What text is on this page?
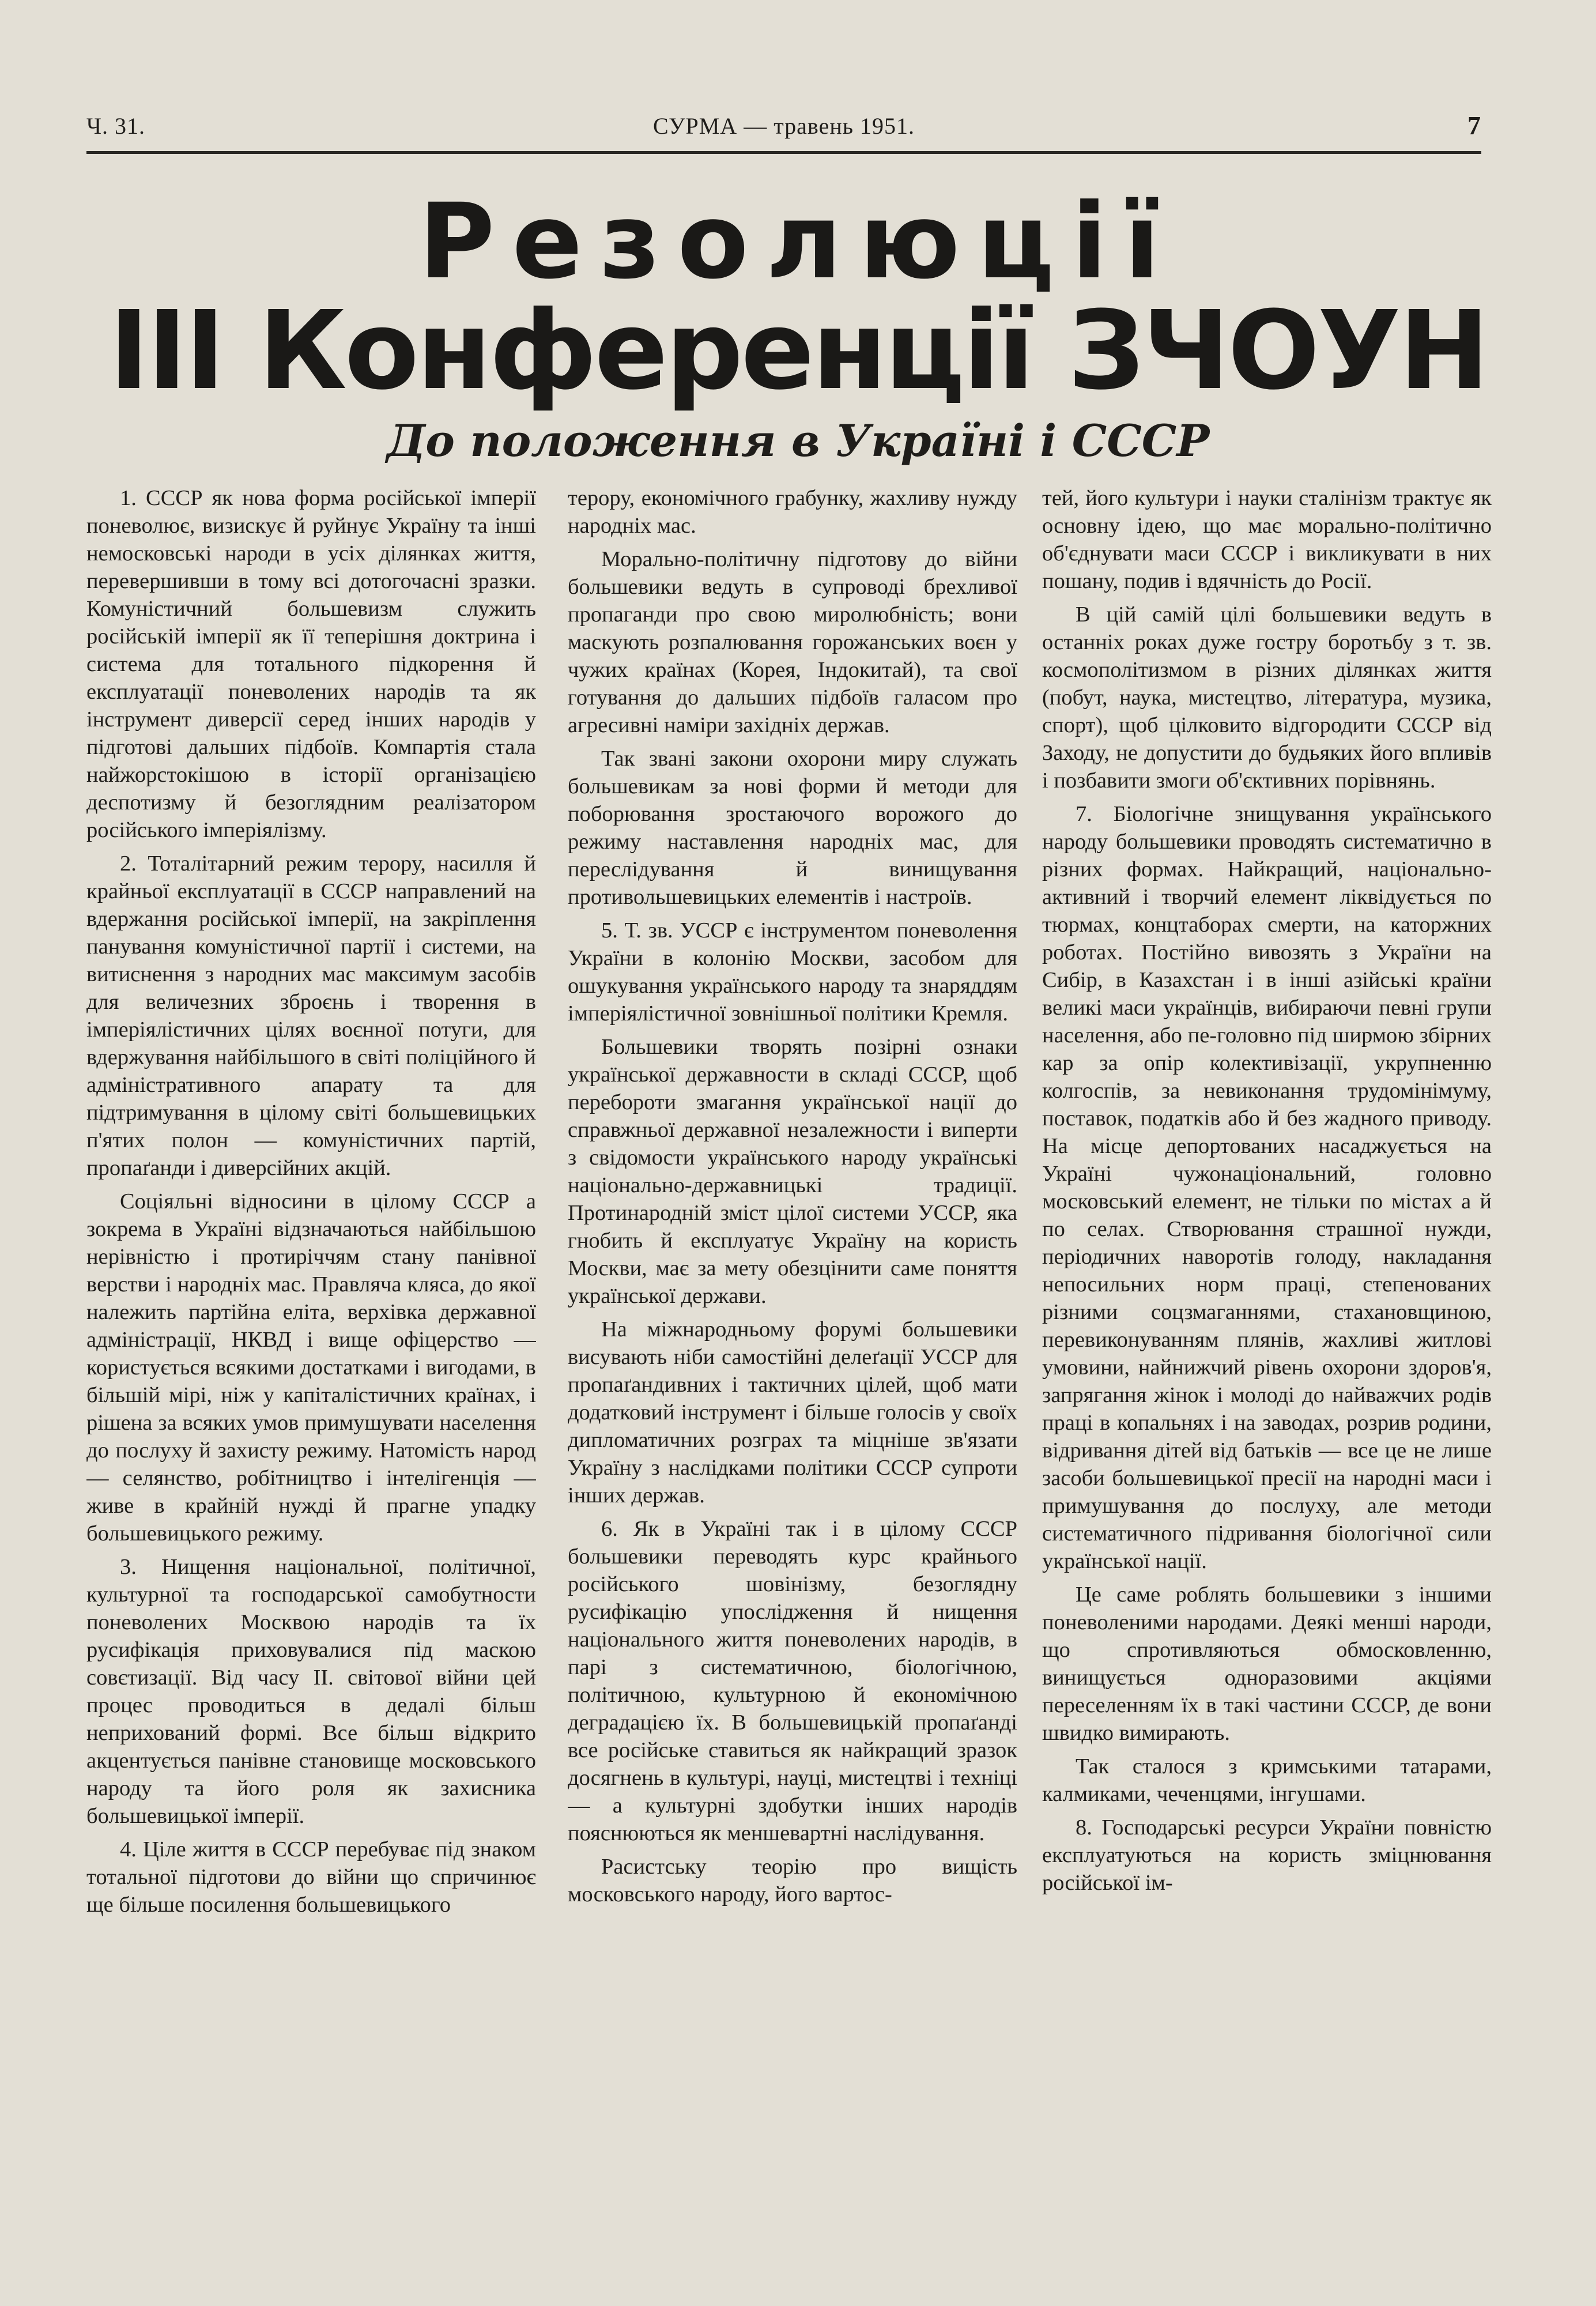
Ч. 31.	СУРМА — травень 1951.	7
Резолюції
III Конференції ЗЧОУН
До положення в Україні і СССР

1. СССР як нова форма російської імперії поневолює, визискує й руйнує Україну та інші немосковські народи в усіх ділянках життя, перевершивши в тому всі дотогочасні зразки. Комуністичний большевизм служить російській імперії як її теперішня доктрина і система для тотального підкорення й експлуатації поневолених народів та як інструмент диверсії серед інших народів у підготові дальших підбоїв. Компартія стала найжорстокішою в історії організацією деспотизму й безоглядним реалізатором російського імперіялізму.

2. Тоталітарний режим терору, насилля й крайньої експлуатації в СССР направлений на вдержання російської імперії, на закріплення панування комуністичної партії і системи, на витиснення з народних мас максимум засобів для величезних зброєнь і творення в імперіялістичних цілях воєнної потуги, для вдержування найбільшого в світі поліційного й адміністративного апарату та для підтримування в цілому світі большевицьких п'ятих полон — комуністичних партій, пропаґанди і диверсійних акцій.

Соціяльні відносини в цілому СССР а зокрема в Україні відзначаються найбільшою нерівністю і протиріччям стану панівної верстви і народніх мас. Правляча кляса, до якої належить партійна еліта, верхівка державної адміністрації, НКВД і вище офіцерство — користується всякими достатками і вигодами, в більшій мірі, ніж у капіталістичних країнах, і рішена за всяких умов примушувати населення до послуху й захисту режиму. Натомість народ — селянство, робітництво і інтелігенція — живе в крайній нужді й прагне упадку большевицького режиму.

3. Нищення національної, політичної, культурної та господарської самобутности поневолених Москвою народів та їх русифікація приховувалися під маскою совєтизації. Від часу II. світової війни цей процес проводиться в дедалі більш неприхований формі. Все більш відкрито акцентується панівне становище московського народу та його роля як захисника большевицької імперії.

4. Ціле життя в СССР перебуває під знаком тотальної підготови до війни що спричинює ще більше посилення большевицького

терору, економічного грабунку, жахливу нужду народніх мас.

Морально-політичну підготову до війни большевики ведуть в супроводі брехливої пропаганди про свою миролюбність; вони маскують розпалювання горожанських воєн у чужих країнах (Корея, Індокитай), та свої готування до дальших підбоїв галасом про агресивні наміри західніх держав.

Так звані закони охорони миру служать большевикам за нові форми й методи для поборювання зростаючого ворожого до режиму наставлення народніх мас, для переслідування й винищування противольшевицьких елементів і настроїв.

5. Т. зв. УССР є інструментом поневолення України в колонію Москви, засобом для ошукування українського народу та знаряддям імперіялістичної зовнішньої політики Кремля.

Большевики творять позірні ознаки української державности в складі СССР, щоб перебороти змагання української нації до справжньої державної незалежности і виперти з свідомости українського народу українські національно-державницькі традиції. Протинародній зміст цілої системи УССР, яка гнобить й експлуатує Україну на користь Москви, має за мету обезцінити саме поняття української держави.

На міжнародньому форумі большевики висувають ніби самостійні делеґації УССР для пропаґандивних і тактичних цілей, щоб мати додатковий інструмент і більше голосів у своїх дипломатичних розграх та міцніше зв'язати Україну з наслідками політики СССР супроти інших держав.

6. Як в Україні так і в цілому СССР большевики переводять курс крайнього російського шовінізму, безоглядну русифікацію упослідження й нищення національного життя поневолених народів, в парі з систематичною, біологічною, політичною, культурною й економічною деградацією їх. В большевицькій пропаґанді все російське ставиться як найкращий зразок досягнень в культурі, науці, мистецтві і техніці — а культурні здобутки інших народів пояснюються як меншевартні наслідування.

Расистську теорію про вищість московського народу, його вартос-

тей, його культури і науки сталінізм трактує як основну ідею, що має морально-політично об'єднувати маси СССР і викликувати в них пошану, подив і вдячність до Росії.

В цій самій цілі большевики ведуть в останніх роках дуже гостру боротьбу з т. зв. космополітизмом в різних ділянках життя (побут, наука, мистецтво, література, музика, спорт), щоб цілковито відгородити СССР від Заходу, не допустити до будьяких його впливів і позбавити змоги об'єктивних порівнянь.

7. Біологічне знищування українського народу большевики проводять систематично в різних формах. Найкращий, національно-активний і творчий елемент ліквідується по тюрмах, концтаборах смерти, на каторжних роботах. Постійно вивозять з України на Сибір, в Казахстан і в інші азійські країни великі маси українців, вибираючи певні групи населення, або пе-головно під ширмою збірних кар за опір колективізації, укрупненню колгоспів, за невиконання трудомінімуму, поставок, податків або й без жадного приводу. На місце депортованих насаджується на Україні чужонаціональний, головно московський елемент, не тільки по містах а й по селах. Створювання страшної нужди, періодичних наворотів голоду, накладання непосильних норм праці, степенованих різними соцзмаганнями, стахановщиною, перевиконуванням плянів, жахливі житлові умовини, найнижчий рівень охорони здоров'я, запрягання жінок і молоді до найважчих родів праці в копальнях і на заводах, розрив родини, відривання дітей від батьків — все це не лише засоби большевицької пресії на народні маси і примушування до послуху, але методи систематичного підривання біологічної сили української нації.

Це саме роблять большевики з іншими поневоленими народами. Деякі менші народи, що спротивляються обмосковленню, винищується одноразовими акціями переселенням їх в такі частини СССР, де вони швидко вимирають.

Так сталося з кримськими татарами, калмиками, чеченцями, інгушами.

8. Господарські ресурси України повністю експлуатуються на користь зміцнювання російської ім-
